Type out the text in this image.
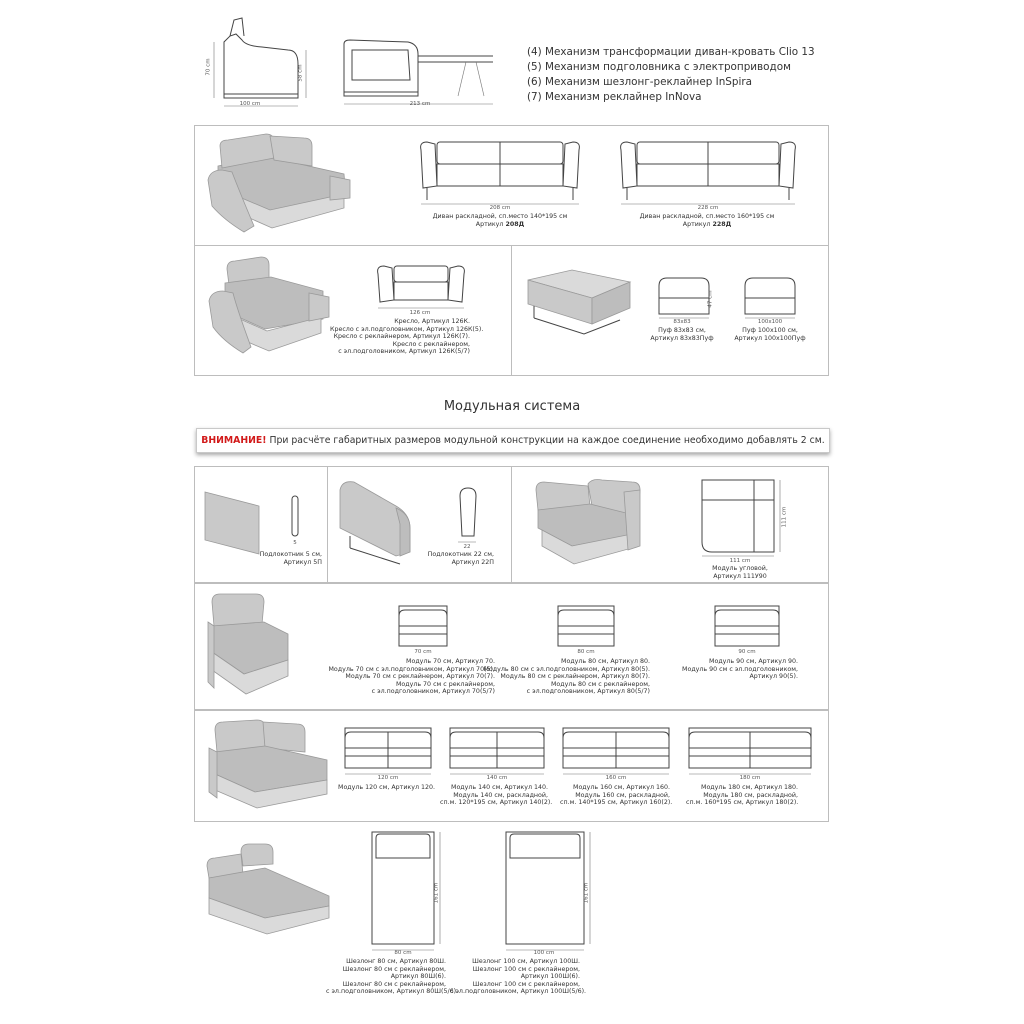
70 cm	58 cm
100 cm	213 cm
(4) Механизм трансформации диван-кровать Clio 13
(5) Механизм подголовника с электроприводом
(6) Механизм шезлонг-реклайнер InSpira
(7) Механизм реклайнер InNova
208 cm
Диван раскладной, сп.место 140*195 см
Артикул 208Д
228 cm
Диван раскладной, сп.место 160*195 см
Артикул 228Д
126 cm
Кресло, Артикул 126К.
Кресло с эл.подголовником, Артикул 126К(5).
Кресло с реклайнером, Артикул 126К(7).
Кресло с реклайнером,
с эл.подголовником, Артикул 126К(5/7)
47 cm
83x83
Пуф 83x83 см,
Артикул 83x83Пуф
100x100
Пуф 100x100 см,
Артикул 100x100Пуф
Модульная система
ВНИМАНИЕ! При расчёте габаритных размеров модульной конструкции на каждое соединение необходимо добавлять 2 см.
5
Подлокотник 5 см,
Артикул 5П
22
Подлокотник 22 см,
Артикул 22П
111 cm
111 cm
Модуль угловой,
Артикул 111У90
70 cm
Модуль 70 см, Артикул 70.
Модуль 70 см с эл.подголовником, Артикул 70(5).
Модуль 70 см с реклайнером, Артикул 70(7).
Модуль 70 см с реклайнером,
с эл.подголовником, Артикул 70(5/7)
80 cm
Модуль 80 см, Артикул 80.
Модуль 80 см с эл.подголовником, Артикул 80(5).
Модуль 80 см с реклайнером, Артикул 80(7).
Модуль 80 см с реклайнером,
с эл.подголовником, Артикул 80(5/7)
90 cm
Модуль 90 см, Артикул 90.
Модуль 90 см с эл.подголовником,
Артикул 90(5).
120 cm
Модуль 120 см, Артикул 120.
140 cm
Модуль 140 см, Артикул 140.
Модуль 140 см, раскладной,
сп.м. 120*195 см, Артикул 140(2).
160 cm
Модуль 160 см, Артикул 160.
Модуль 160 см, раскладной,
сп.м. 140*195 см, Артикул 160(2).
180 cm
Модуль 180 см, Артикул 180.
Модуль 180 см, раскладной,
сп.м. 160*195 см, Артикул 180(2).
161 cm
80 cm
Шезлонг 80 см, Артикул 80Ш.
Шезлонг 80 см с реклайнером,
Артикул 80Ш(6).
Шезлонг 80 см с реклайнером,
с эл.подголовником, Артикул 80Ш(5/6).
161 cm
100 cm
Шезлонг 100 см, Артикул 100Ш.
Шезлонг 100 см с реклайнером,
Артикул 100Ш(6).
Шезлонг 100 см с реклайнером,
с эл.подголовником, Артикул 100Ш(5/6).
